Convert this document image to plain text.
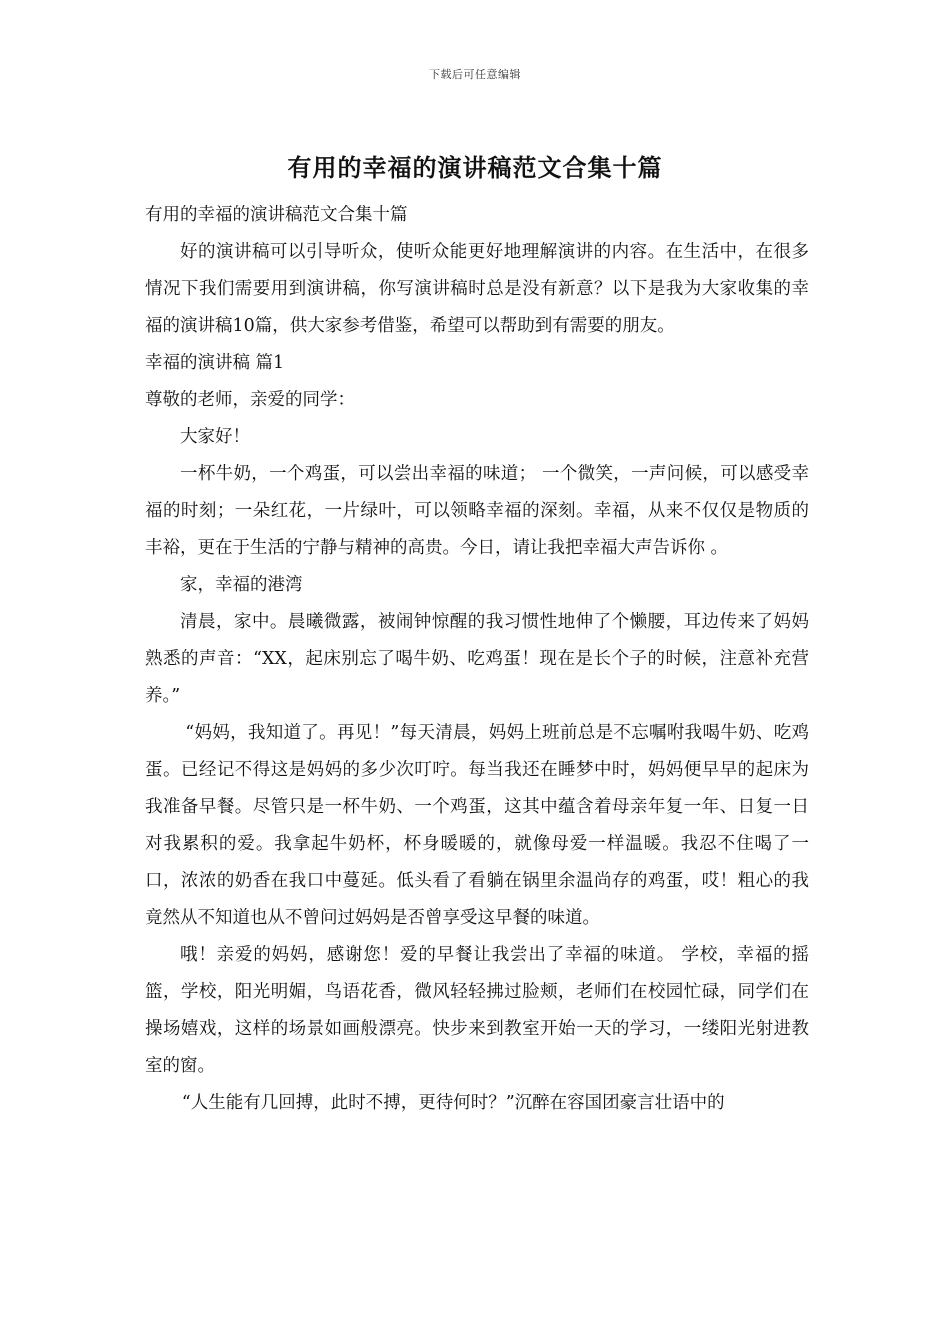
下载后可任意编辑
有用的幸福的演讲稿范文合集十篇

有用的幸福的演讲稿范文合集十篇

好的演讲稿可以引导听众，使听众能更好地理解演讲的内容。在生活中，在很多情况下我们需要用到演讲稿，你写演讲稿时总是没有新意？以下是我为大家收集的幸福的演讲稿10篇，供大家参考借鉴，希望可以帮助到有需要的朋友。

幸福的演讲稿 篇1

尊敬的老师，亲爱的同学：

大家好！

一杯牛奶，一个鸡蛋，可以尝出幸福的味道； 一个微笑，一声问候，可以感受幸福的时刻；一朵红花，一片绿叶，可以领略幸福的深刻。幸福，从来不仅仅是物质的丰裕，更在于生活的宁静与精神的高贵。今日，请让我把幸福大声告诉你 。

家，幸福的港湾

清晨，家中。晨曦微露，被闹钟惊醒的我习惯性地伸了个懒腰，耳边传来了妈妈熟悉的声音：“XX，起床别忘了喝牛奶、吃鸡蛋！现在是长个子的时候，注意补充营养。”

“妈妈，我知道了。再见！”每天清晨，妈妈上班前总是不忘嘱咐我喝牛奶、吃鸡蛋。已经记不得这是妈妈的多少次叮咛。每当我还在睡梦中时，妈妈便早早的起床为我准备早餐。尽管只是一杯牛奶、一个鸡蛋，这其中蕴含着母亲年复一年、日复一日对我累积的爱。我拿起牛奶杯，杯身暖暖的，就像母爱一样温暖。我忍不住喝了一口，浓浓的奶香在我口中蔓延。低头看了看躺在锅里余温尚存的鸡蛋，哎！粗心的我竟然从不知道也从不曾问过妈妈是否曾享受这早餐的味道。

哦！亲爱的妈妈，感谢您！爱的早餐让我尝出了幸福的味道。 学校，幸福的摇篮，学校，阳光明媚，鸟语花香，微风轻轻拂过脸颊，老师们在校园忙碌，同学们在操场嬉戏，这样的场景如画般漂亮。快步来到教室开始一天的学习，一缕阳光射进教室的窗。

“人生能有几回搏，此时不搏，更待何时？”沉醉在容国团豪言壮语中的
